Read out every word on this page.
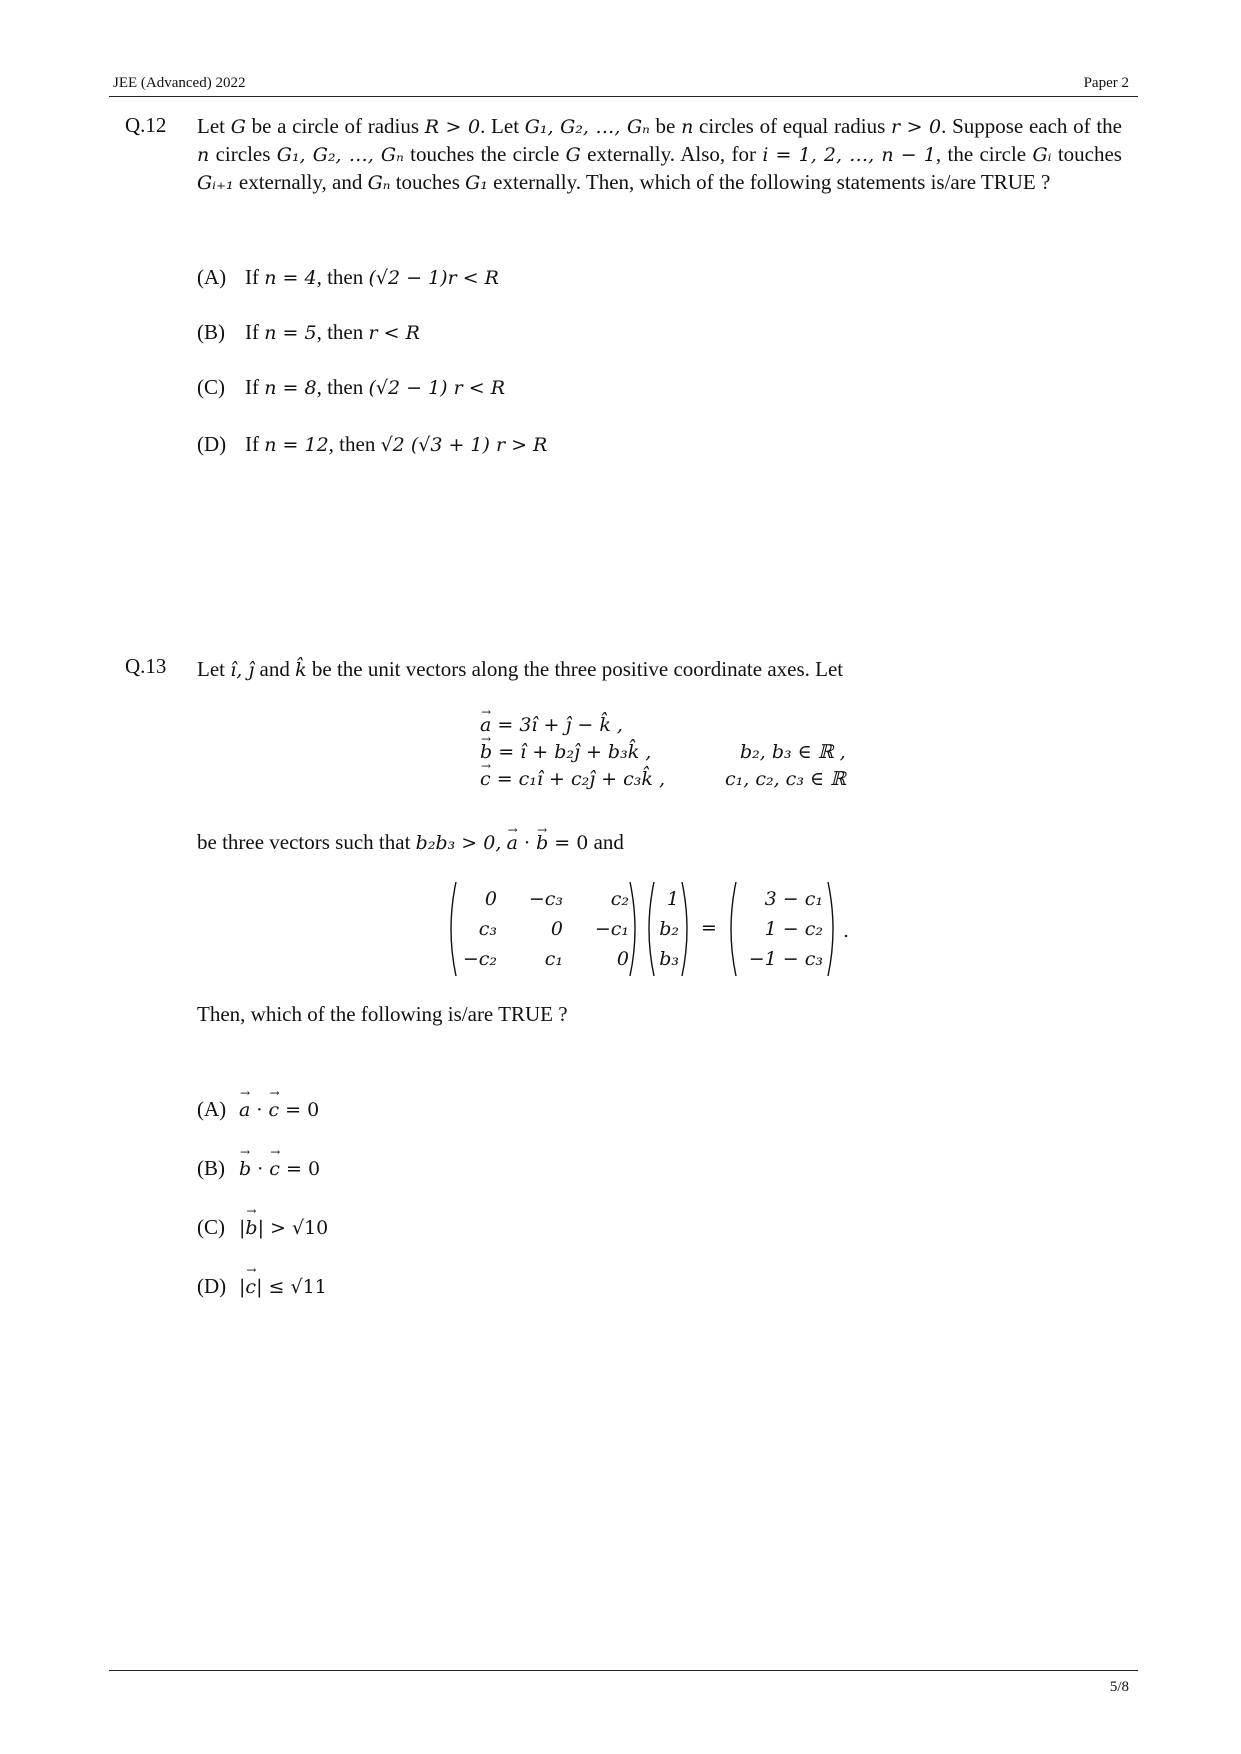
JEE (Advanced) 2022	Paper 2
Q.12 Let G be a circle of radius R > 0. Let G₁, G₂, …, Gₙ be n circles of equal radius r > 0. Suppose each of the n circles G₁, G₂, …, Gₙ touches the circle G externally. Also, for i = 1, 2, …, n − 1, the circle Gᵢ touches Gᵢ₊₁ externally, and Gₙ touches G₁ externally. Then, which of the following statements is/are TRUE ?
(A) If n = 4, then (√2 − 1)r < R
(B) If n = 5, then r < R
(C) If n = 8, then (√2 − 1) r < R
(D) If n = 12, then √2 (√3 + 1) r > R
Q.13 Let î, ĵ and k̂ be the unit vectors along the three positive coordinate axes. Let
→ a = 3î + ĵ − k̂ ,
→ b = î + b₂ĵ + b₃k̂ ,	b₂, b₃ ∈ ℝ ,
→ c = c₁î + c₂ĵ + c₃k̂ ,	c₁, c₂, c₃ ∈ ℝ
be three vectors such that b₂b₃ > 0, → a · → b = 0 and
0	−c₃	c₂
c₃	0	−c₁
−c₂	c₁	0
1
b₂
b₃
=
3 − c₁
1 − c₂
−1 − c₃
.
Then, which of the following is/are TRUE ?
(A) → a · → c = 0
(B) → b · → c = 0
(C) |→ b| > √10
(D) |→ c| ≤ √11
5/8
